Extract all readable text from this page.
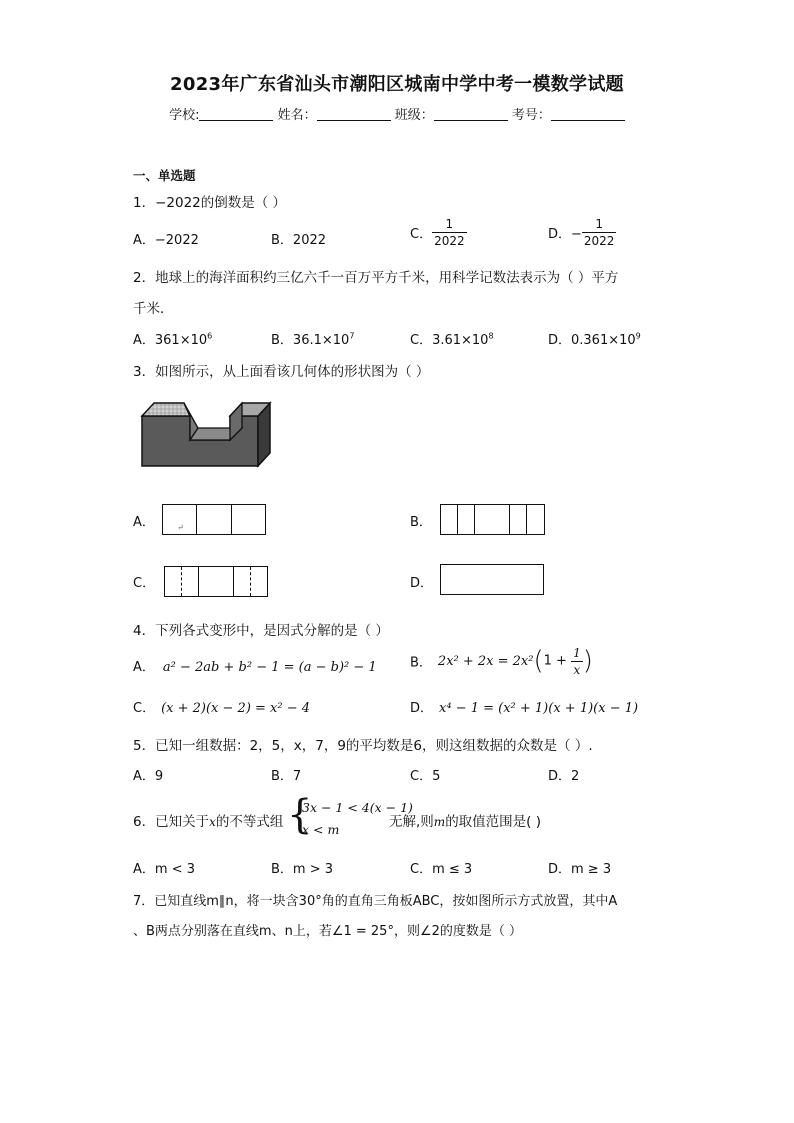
2023年广东省汕头市潮阳区城南中学中考一模数学试题
学校:	姓名：	班级：	考号：
一、单选题
1．−2022的倒数是（ ）
A．−2022	B．2022	C． $\frac{1}{2022}$	D．− $\frac{1}{2022}$
2．地球上的海洋面积约三亿六千一百万平方千米，用科学记数法表示为（ ）平方
千米．
A．$361\times 10^6$	B．$36.1\times 10^7$	C．$3.61\times 10^8$	D．$0.361\times 10^9$
3．如图所示，从上面看该几何体的形状图为（ ）
A．	↵	B．
C．	D．
4．下列各式变形中，是因式分解的是（ ）
A． a² − 2ab + b² − 1 = (a − b)² − 1	B． $2x^2 + 2x = 2x^2(1 + \frac{1}{x}$ )
C． (x + 2)(x − 2) = x² − 4	D． x⁴ − 1 = (x² + 1)(x + 1)(x − 1)
5．已知一组数据：2，5，x，7，9的平均数是6，则这组数据的众数是（ ）.
A．9	B．7	C．5	D．2
6．已知关于x的不等式组 {
3x − 1 < 4(x − 1)
x < m	无解,则m的取值范围是( )
A．m < 3	B．m > 3	C．m ≤ 3	D．m ≥ 3
7．已知直线m∥n，将一块含30°角的直角三角板ABC，按如图所示方式放置，其中A
、B两点分别落在直线m、n上，若∠1 = 25°，则∠2的度数是（ ）
